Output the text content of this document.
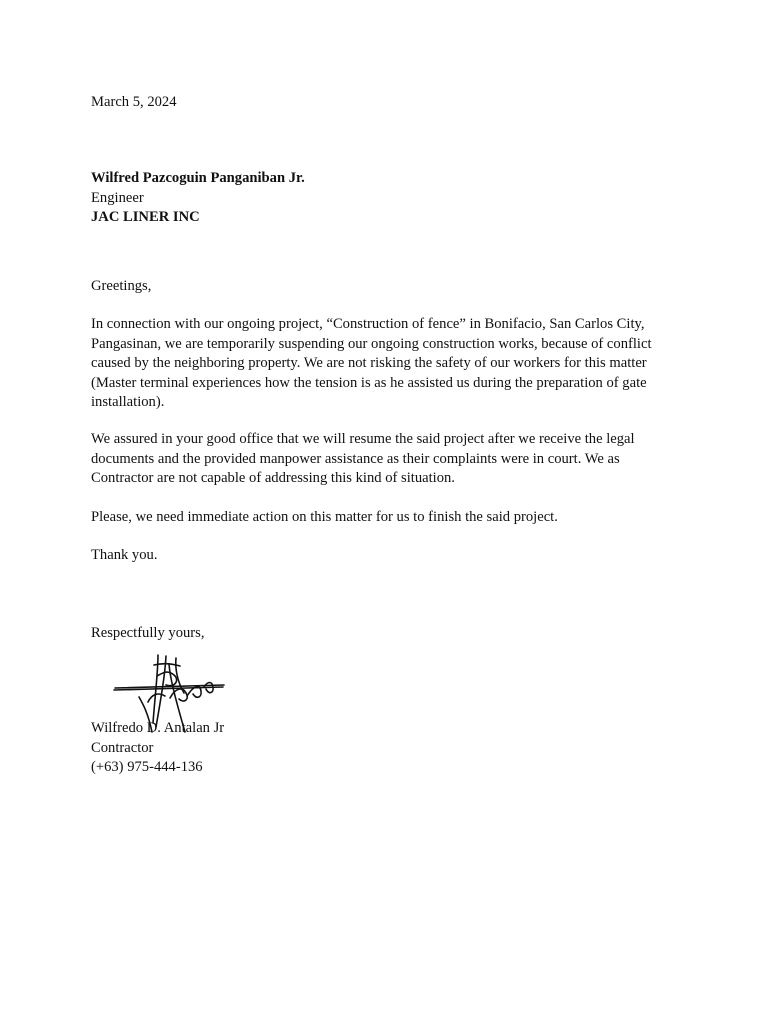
March 5, 2024
Wilfred Pazcoguin Panganiban Jr.
Engineer
JAC LINER INC
Greetings,
In connection with our ongoing project, “Construction of fence” in Bonifacio, San Carlos City,
Pangasinan, we are temporarily suspending our ongoing construction works, because of conflict
caused by the neighboring property. We are not risking the safety of our workers for this matter
(Master terminal experiences how the tension is as he assisted us during the preparation of gate
installation).
We assured in your good office that we will resume the said project after we receive the legal
documents and the provided manpower assistance as their complaints were in court. We as
Contractor are not capable of addressing this kind of situation.
Please, we need immediate action on this matter for us to finish the said project.
Thank you.
Respectfully yours,
Wilfredo D. Antalan Jr
Contractor
(+63) 975-444-136
